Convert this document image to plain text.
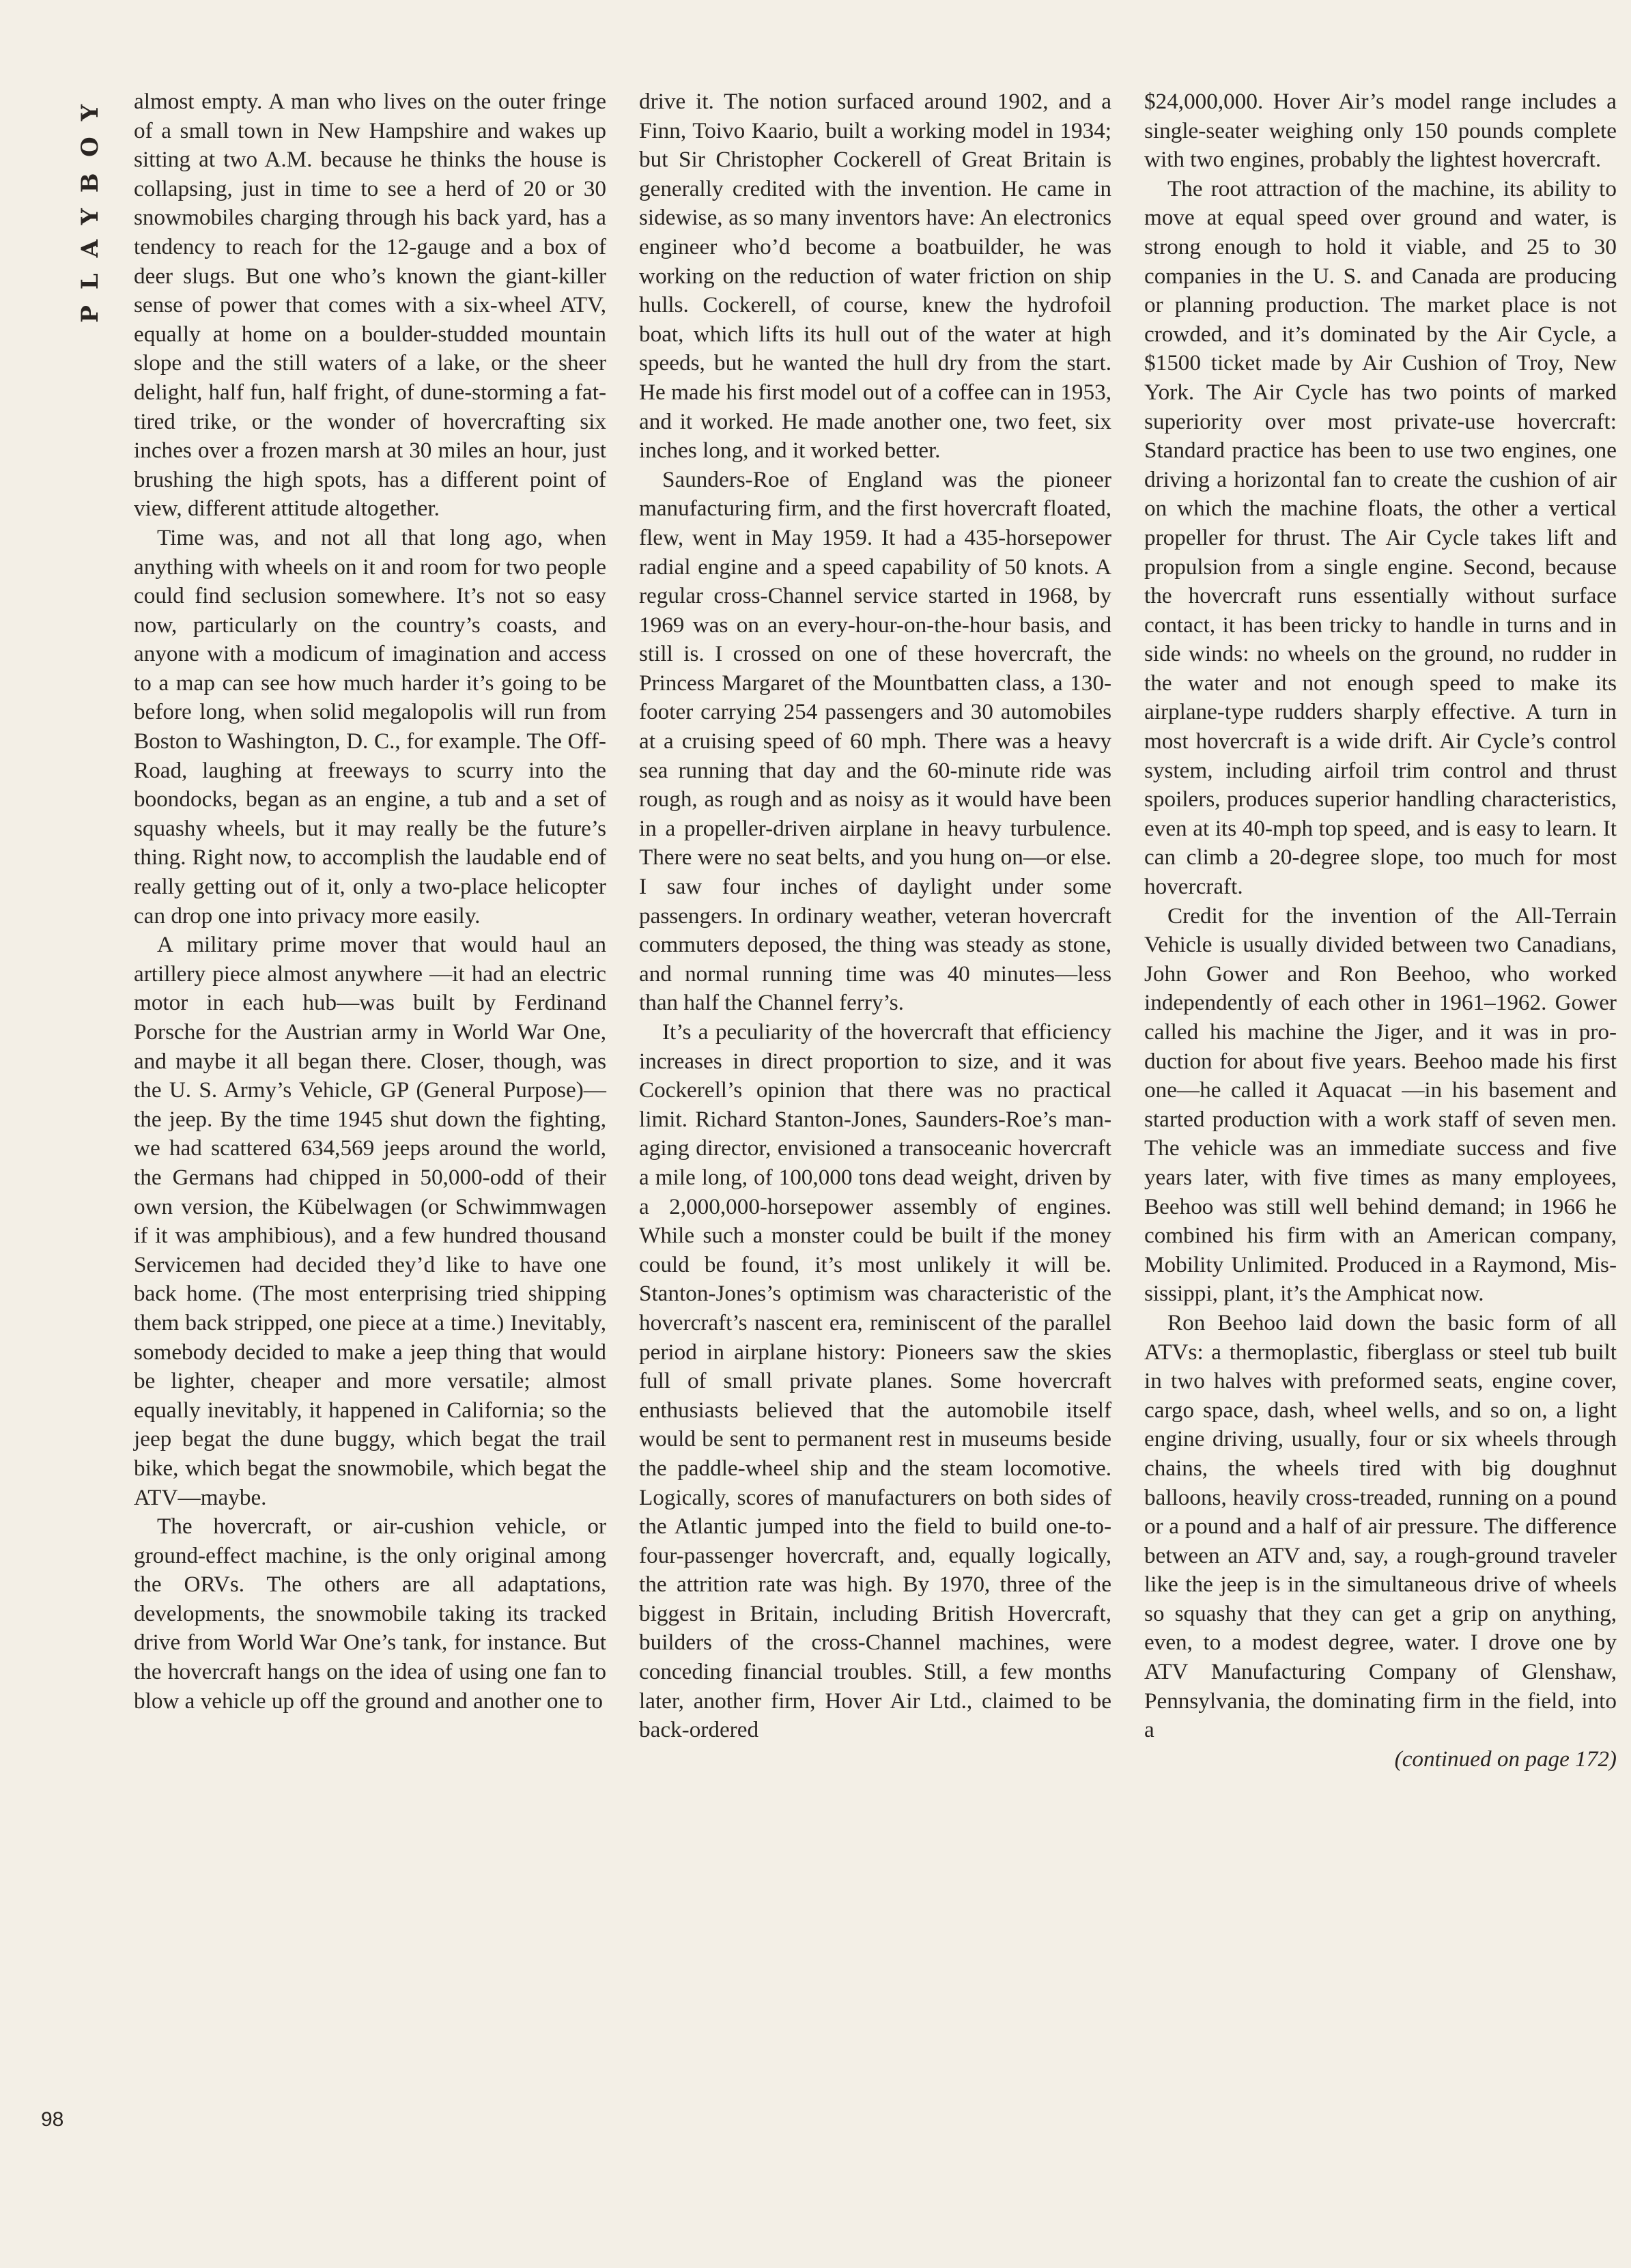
PLAYBOY
98

almost empty. A man who lives on the outer fringe of a small town in New Hampshire and wakes up sitting at two A.M. because he thinks the house is collapsing, just in time to see a herd of 20 or 30 snowmobiles charging through his back yard, has a tendency to reach for the 12-gauge and a box of deer slugs. But one who’s known the giant-killer sense of power that comes with a six-wheel ATV, equally at home on a boulder-studded mountain slope and the still waters of a lake, or the sheer delight, half fun, half fright, of dune-storming a fat-tired trike, or the wonder of hovercrafting six inches over a frozen marsh at 30 miles an hour, just brushing the high spots, has a different point of view, different attitude altogether.

Time was, and not all that long ago, when anything with wheels on it and room for two people could find seclusion somewhere. It’s not so easy now, particularly on the country’s coasts, and anyone with a modicum of imagination and access to a map can see how much harder it’s going to be before long, when solid megalopolis will run from Boston to Washington, D. C., for example. The Off-Road, laughing at freeways to scurry into the boondocks, began as an engine, a tub and a set of squashy wheels, but it may really be the future’s thing. Right now, to accomplish the laudable end of really getting out of it, only a two-place helicopter can drop one into privacy more easily.

A military prime mover that would haul an artillery piece almost anywhere —it had an electric motor in each hub—was built by Ferdinand Porsche for the Austrian army in World War One, and maybe it all began there. Closer, though, was the U. S. Army’s Vehicle, GP (General Purpose)—the jeep. By the time 1945 shut down the fighting, we had scattered 634,569 jeeps around the world, the Germans had chipped in 50,000-odd of their own version, the Kübelwagen (or Schwimmwagen if it was amphibious), and a few hundred thousand Servicemen had decided they’d like to have one back home. (The most enterprising tried shipping them back stripped, one piece at a time.) Inevitably, somebody decided to make a jeep thing that would be lighter, cheaper and more versatile; almost equally inevitably, it happened in California; so the jeep begat the dune buggy, which begat the trail bike, which begat the snowmobile, which begat the ATV—maybe.

The hovercraft, or air-cushion vehicle, or ground-effect machine, is the only original among the ORVs. The others are all adaptations, developments, the snowmobile taking its tracked drive from World War One’s tank, for instance. But the hovercraft hangs on the idea of using one fan to blow a vehicle up off the ground and another one to

drive it. The notion surfaced around 1902, and a Finn, Toivo Kaario, built a working model in 1934; but Sir Christopher Cockerell of Great Britain is generally credited with the invention. He came in sidewise, as so many inventors have: An electronics engineer who’d become a boatbuilder, he was working on the reduction of water friction on ship hulls. Cockerell, of course, knew the hydrofoil boat, which lifts its hull out of the water at high speeds, but he wanted the hull dry from the start. He made his first model out of a coffee can in 1953, and it worked. He made another one, two feet, six inches long, and it worked better.

Saunders-Roe of England was the pioneer manufacturing firm, and the first hovercraft floated, flew, went in May 1959. It had a 435-horsepower radial engine and a speed capability of 50 knots. A regular cross-Channel service started in 1968, by 1969 was on an every-hour-on-the-hour basis, and still is. I crossed on one of these hovercraft, the Princess Margaret of the Mountbatten class, a 130-footer carrying 254 passengers and 30 automobiles at a cruising speed of 60 mph. There was a heavy sea running that day and the 60-minute ride was rough, as rough and as noisy as it would have been in a propeller-driven airplane in heavy turbulence. There were no seat belts, and you hung on—or else. I saw four inches of daylight under some passengers. In ordinary weather, veteran hovercraft commuters deposed, the thing was steady as stone, and normal running time was 40 minutes—less than half the Channel ferry’s.

It’s a peculiarity of the hovercraft that efficiency increases in direct proportion to size, and it was Cockerell’s opinion that there was no practical limit. Richard Stanton-Jones, Saunders-Roe’s managing director, envisioned a transoceanic hovercraft a mile long, of 100,000 tons dead weight, driven by a 2,000,000-horsepower assembly of engines. While such a monster could be built if the money could be found, it’s most unlikely it will be. Stanton-Jones’s optimism was characteristic of the hovercraft’s nascent era, reminiscent of the parallel period in airplane history: Pioneers saw the skies full of small private planes. Some hovercraft enthusiasts believed that the automobile itself would be sent to permanent rest in museums beside the paddle-wheel ship and the steam locomotive. Logically, scores of manufacturers on both sides of the Atlantic jumped into the field to build one-to-four-passenger hovercraft, and, equally logically, the attrition rate was high. By 1970, three of the biggest in Britain, including British Hovercraft, builders of the cross-Channel machines, were conceding financial troubles. Still, a few months later, another firm, Hover Air Ltd., claimed to be back-ordered

$24,000,000. Hover Air’s model range includes a single-seater weighing only 150 pounds complete with two engines, probably the lightest hovercraft.

The root attraction of the machine, its ability to move at equal speed over ground and water, is strong enough to hold it viable, and 25 to 30 companies in the U. S. and Canada are producing or planning production. The market place is not crowded, and it’s dominated by the Air Cycle, a $1500 ticket made by Air Cushion of Troy, New York. The Air Cycle has two points of marked superiority over most private-use hovercraft: Standard practice has been to use two engines, one driving a horizontal fan to create the cushion of air on which the machine floats, the other a vertical propeller for thrust. The Air Cycle takes lift and propulsion from a single engine. Second, because the hovercraft runs essentially without surface contact, it has been tricky to handle in turns and in side winds: no wheels on the ground, no rudder in the water and not enough speed to make its airplane-type rudders sharply effective. A turn in most hovercraft is a wide drift. Air Cycle’s control system, including airfoil trim control and thrust spoilers, produces superior handling characteristics, even at its 40-mph top speed, and is easy to learn. It can climb a 20-degree slope, too much for most hovercraft.

Credit for the invention of the All-Terrain Vehicle is usually divided between two Canadians, John Gower and Ron Beehoo, who worked independently of each other in 1961–1962. Gower called his machine the Jiger, and it was in production for about five years. Beehoo made his first one—he called it Aquacat —in his basement and started production with a work staff of seven men. The vehicle was an immediate success and five years later, with five times as many employees, Beehoo was still well behind demand; in 1966 he combined his firm with an American company, Mobility Unlimited. Produced in a Raymond, Mississippi, plant, it’s the Amphicat now.

Ron Beehoo laid down the basic form of all ATVs: a thermoplastic, fiberglass or steel tub built in two halves with preformed seats, engine cover, cargo space, dash, wheel wells, and so on, a light engine driving, usually, four or six wheels through chains, the wheels tired with big doughnut balloons, heavily cross-treaded, running on a pound or a pound and a half of air pressure. The difference between an ATV and, say, a rough-ground traveler like the jeep is in the simultaneous drive of wheels so squashy that they can get a grip on anything, even, to a modest degree, water. I drove one by ATV Manufacturing Company of Glenshaw, Pennsylvania, the dominating firm in the field, into a

(continued on page 172)
